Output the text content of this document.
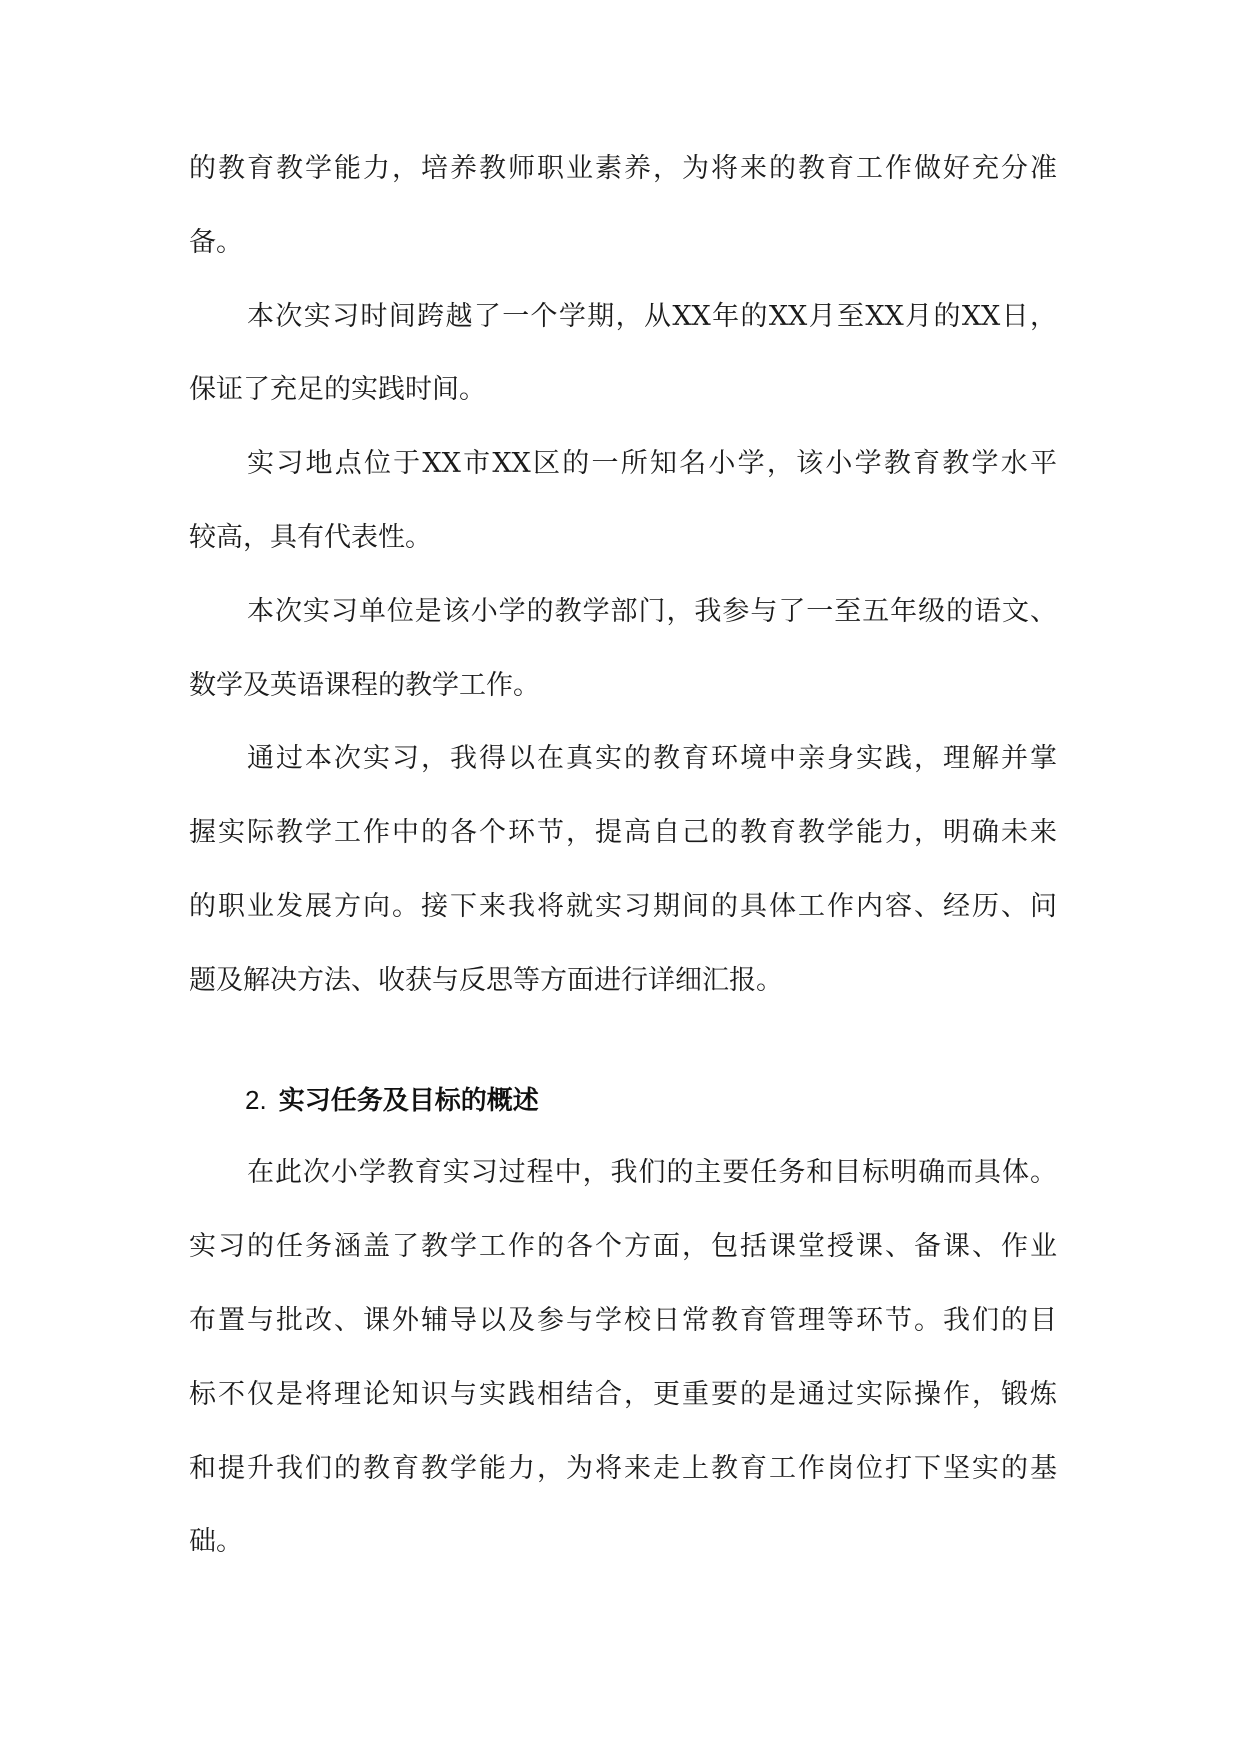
的教育教学能力，培养教师职业素养，为将来的教育工作做好充分准
备。
本次实习时间跨越了一个学期，从XX年的XX月至XX月的XX日，
保证了充足的实践时间。
实习地点位于XX市XX区的一所知名小学，该小学教育教学水平
较高，具有代表性。
本次实习单位是该小学的教学部门，我参与了一至五年级的语文、
数学及英语课程的教学工作。
通过本次实习，我得以在真实的教育环境中亲身实践，理解并掌
握实际教学工作中的各个环节，提高自己的教育教学能力，明确未来
的职业发展方向。接下来我将就实习期间的具体工作内容、经历、问
题及解决方法、收获与反思等方面进行详细汇报。
2. 实习任务及目标的概述
在此次小学教育实习过程中，我们的主要任务和目标明确而具体。
实习的任务涵盖了教学工作的各个方面，包括课堂授课、备课、作业
布置与批改、课外辅导以及参与学校日常教育管理等环节。我们的目
标不仅是将理论知识与实践相结合，更重要的是通过实际操作，锻炼
和提升我们的教育教学能力，为将来走上教育工作岗位打下坚实的基
础。
